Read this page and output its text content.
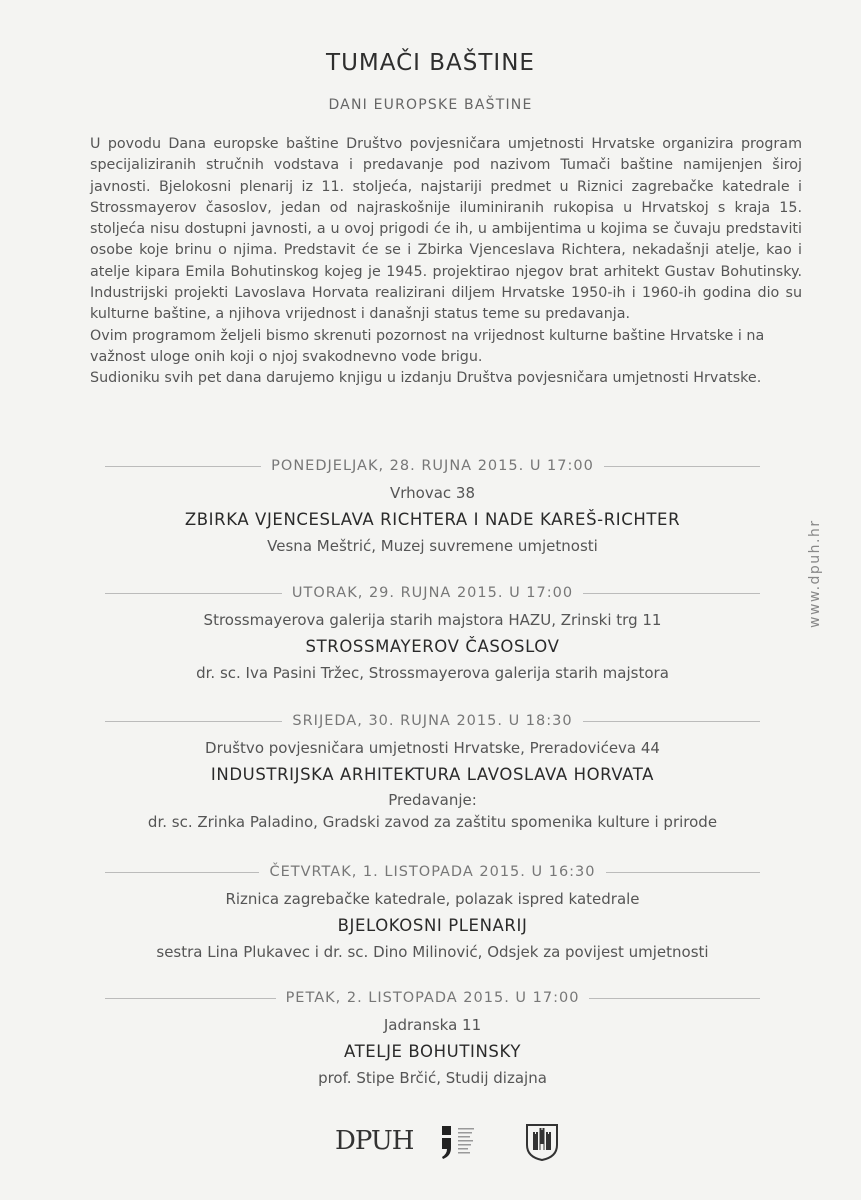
TUMAČI BAŠTINE
DANI EUROPSKE BAŠTINE

U povodu Dana europske baštine Društvo povjesničara umjetnosti Hrvatske organizira program specijaliziranih stručnih vodstava i predavanje pod nazivom Tumači baštine namijenjen široj javnosti. Bjelokosni plenarij iz 11. stoljeća, najstariji predmet u Riznici zagrebačke katedrale i Strossmayerov časoslov, jedan od najraskošnije iluminiranih rukopisa u Hrvatskoj s kraja 15. stoljeća nisu dostupni javnosti, a u ovoj prigodi će ih, u ambijentima u kojima se čuvaju predstaviti osobe koje brinu o njima. Predstavit će se i Zbirka Vjenceslava Richtera, nekadašnji atelje, kao i atelje kipara Emila Bohutinskog kojeg je 1945. projektirao njegov brat arhitekt Gustav Bohutinsky. Industrijski projekti Lavoslava Horvata realizirani diljem Hrvatske 1950-ih i 1960-ih godina dio su kulturne baštine, a njihova vrijednost i današnji status teme su predavanja.

Ovim programom željeli bismo skrenuti pozornost na vrijednost kulturne baštine Hrvatske i na važnost uloge onih koji o njoj svakodnevno vode brigu.

Sudioniku svih pet dana darujemo knjigu u izdanju Društva povjesničara umjetnosti Hrvatske.

PONEDJELJAK, 28. RUJNA 2015. U 17:00
Vrhovac 38
ZBIRKA VJENCESLAVA RICHTERA I NADE KAREŠ-RICHTER
Vesna Meštrić, Muzej suvremene umjetnosti
UTORAK, 29. RUJNA 2015. U 17:00
Strossmayerova galerija starih majstora HAZU, Zrinski trg 11
STROSSMAYEROV ČASOSLOV
dr. sc. Iva Pasini Tržec, Strossmayerova galerija starih majstora
SRIJEDA, 30. RUJNA 2015. U 18:30
Društvo povjesničara umjetnosti Hrvatske, Preradovićeva 44
INDUSTRIJSKA ARHITEKTURA LAVOSLAVA HORVATA
Predavanje:
dr. sc. Zrinka Paladino, Gradski zavod za zaštitu spomenika kulture i prirode
ČETVRTAK, 1. LISTOPADA 2015. U 16:30
Riznica zagrebačke katedrale, polazak ispred katedrale
BJELOKOSNI PLENARIJ
sestra Lina Plukavec i dr. sc. Dino Milinović, Odsjek za povijest umjetnosti
PETAK, 2. LISTOPADA 2015. U 17:00
Jadranska 11
ATELJE BOHUTINSKY
prof. Stipe Brčić, Studij dizajna
www.dpuh.hr
DPUH
